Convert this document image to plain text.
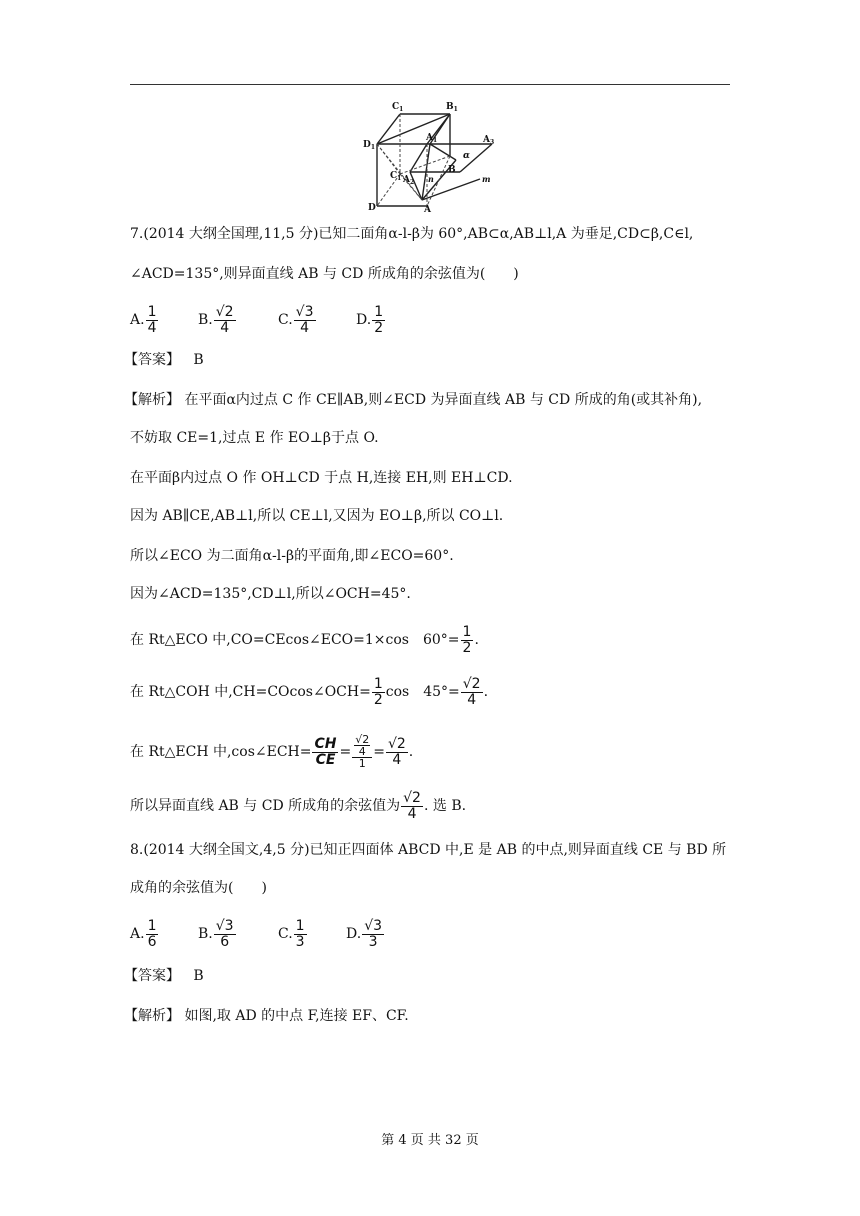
$C_1$	$B_1$
$D_1$
$A_1$	$A_3$
α
$C_1$ $A_2$ n
B
m
D	A
7.(2014 大纲全国理,11,5 分)已知二面角α-l-β为 60°,AB⊂α,AB⊥l,A 为垂足,CD⊂β,C∈l,
∠ACD=135°,则异面直线 AB 与 CD 所成角的余弦值为(　　)
A. $\frac{1}{4}$	B. $\frac{√2}{4}$	C. $\frac{√3}{4}$	D. $\frac{1}{2}$
【答案】 B
【解析】 在平面α内过点 C 作 CE∥AB,则∠ECD 为异面直线 AB 与 CD 所成的角(或其补角),
不妨取 CE=1,过点 E 作 EO⊥β于点 O.
在平面β内过点 O 作 OH⊥CD 于点 H,连接 EH,则 EH⊥CD.
因为 AB∥CE,AB⊥l,所以 CE⊥l,又因为 EO⊥β,所以 CO⊥l.
所以∠ECO 为二面角α-l-β的平面角,即∠ECO=60°.
因为∠ACD=135°,CD⊥l,所以∠OCH=45°.
在 Rt△ECO 中,CO=CEcos∠ECO=1×cos　$60^\circ= \frac{1}{2}$ .
在 Rt△COH 中,CH=COcos∠OCH= $\frac{1}{2}$ cos　$45^\circ= \frac{√2}{4}$ .
在 Rt△ECH 中,cos∠ECH= $\frac{CH}{CE} = \frac{\frac{√2}{4}}{1} = \frac{√2}{4}$ .
所以异面直线 AB 与 CD 所成角的余弦值为 $\frac{√2}{4}$ . 选 B.
8.(2014 大纲全国文,4,5 分)已知正四面体 ABCD 中,E 是 AB 的中点,则异面直线 CE 与 BD 所
成角的余弦值为(　　)
A. $\frac{1}{6}$	B. $\frac{√3}{6}$	C. $\frac{1}{3}$	D. $\frac{√3}{3}$
【答案】 B
【解析】 如图,取 AD 的中点 F,连接 EF、CF.
第 4 页 共 32 页
